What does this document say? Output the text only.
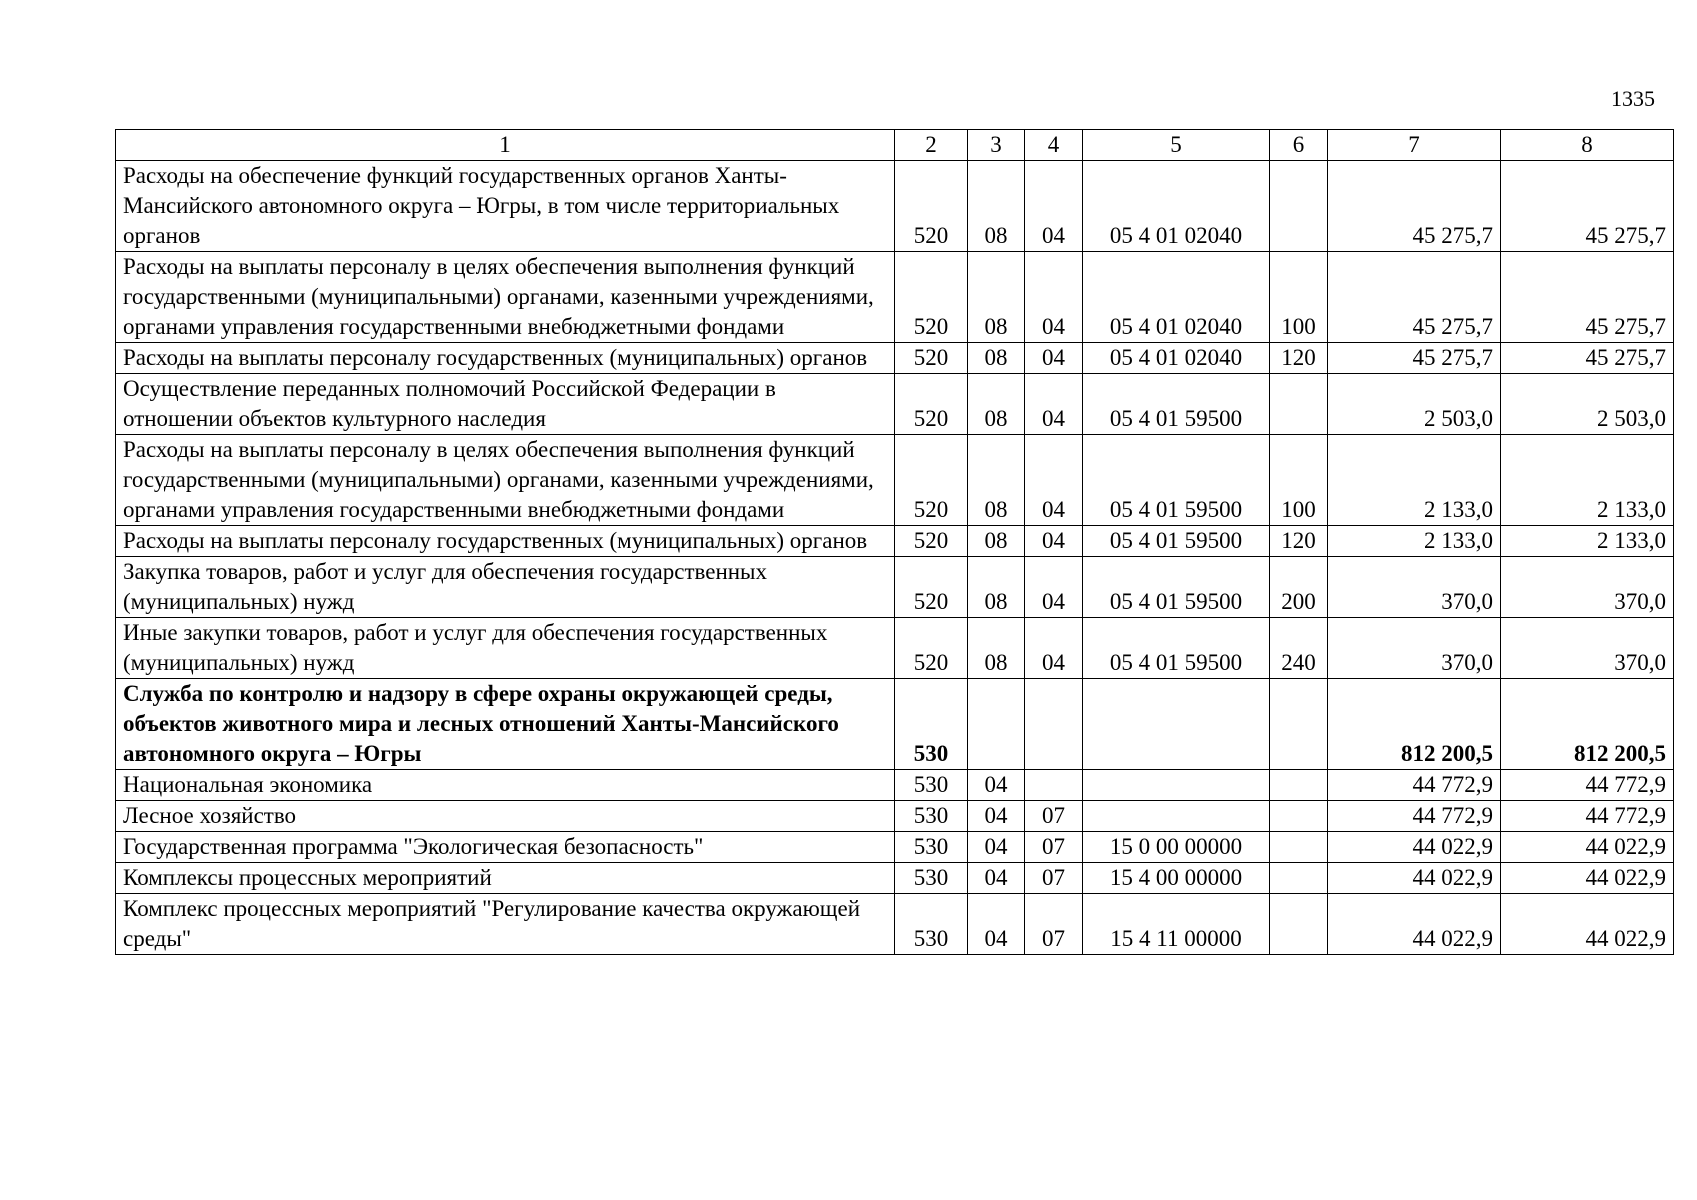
1335
1	2	3	4	5	6	7	8
Расходы на обеспечение функций государственных органов Ханты-Мансийского автономного округа – Югры, в том числе территориальных органов	520	08	04	05 4 01 02040		45 275,7	45 275,7
Расходы на выплаты персоналу в целях обеспечения выполнения функций государственными (муниципальными) органами, казенными учреждениями, органами управления государственными внебюджетными фондами	520	08	04	05 4 01 02040	100	45 275,7	45 275,7
Расходы на выплаты персоналу государственных (муниципальных) органов	520	08	04	05 4 01 02040	120	45 275,7	45 275,7
Осуществление переданных полномочий Российской Федерации в отношении объектов культурного наследия	520	08	04	05 4 01 59500		2 503,0	2 503,0
Расходы на выплаты персоналу в целях обеспечения выполнения функций государственными (муниципальными) органами, казенными учреждениями, органами управления государственными внебюджетными фондами	520	08	04	05 4 01 59500	100	2 133,0	2 133,0
Расходы на выплаты персоналу государственных (муниципальных) органов	520	08	04	05 4 01 59500	120	2 133,0	2 133,0
Закупка товаров, работ и услуг для обеспечения государственных (муниципальных) нужд	520	08	04	05 4 01 59500	200	370,0	370,0
Иные закупки товаров, работ и услуг для обеспечения государственных (муниципальных) нужд	520	08	04	05 4 01 59500	240	370,0	370,0
Служба по контролю и надзору в сфере охраны окружающей среды, объектов животного мира и лесных отношений Ханты-Мансийского автономного округа – Югры	530					812 200,5	812 200,5
Национальная экономика	530	04				44 772,9	44 772,9
Лесное хозяйство	530	04	07			44 772,9	44 772,9
Государственная программа "Экологическая безопасность"	530	04	07	15 0 00 00000		44 022,9	44 022,9
Комплексы процессных мероприятий	530	04	07	15 4 00 00000		44 022,9	44 022,9
Комплекс процессных мероприятий "Регулирование качества окружающей среды"	530	04	07	15 4 11 00000		44 022,9	44 022,9
